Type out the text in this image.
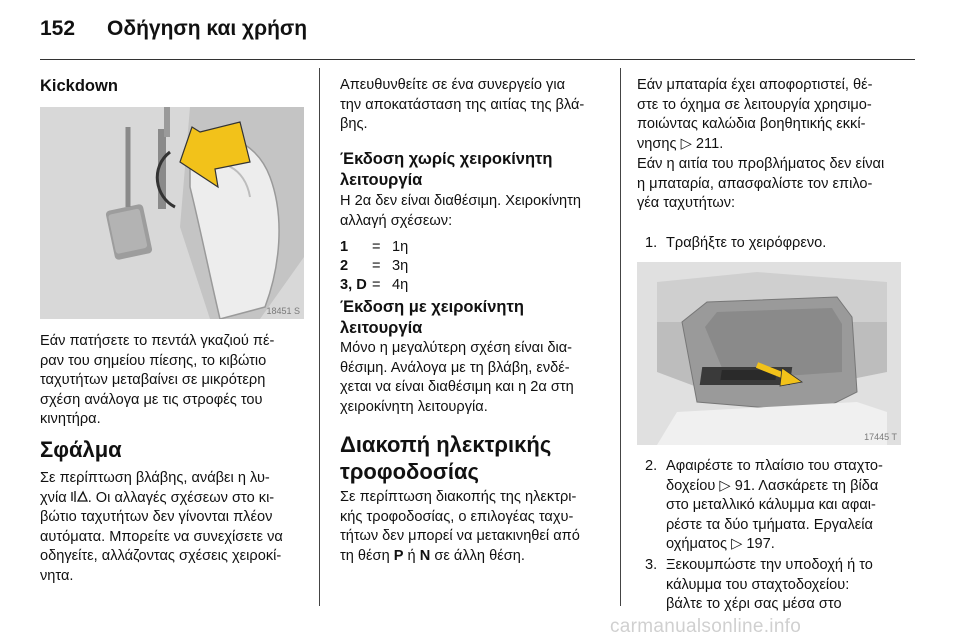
152 Οδήγηση και χρήση
Kickdown
18451 S

Εάν πατήσετε το πεντάλ γκαζιού πέ-

ραν του σημείου πίεσης, το κιβώτιο

ταχυτήτων μεταβαίνει σε μικρότερη

σχέση ανάλογα με τις στροφές του

κινητήρα.

Σφάλμα

Σε περίπτωση βλάβης, ανάβει η λυ-

χνία . Οι αλλαγές σχέσεων στο κι-

βώτιο ταχυτήτων δεν γίνονται πλέον

αυτόματα. Μπορείτε να συνεχίσετε να

οδηγείτε, αλλάζοντας σχέσεις χειροκί-

νητα.

Απευθυνθείτε σε ένα συνεργείο για

την αποκατάσταση της αιτίας της βλά-

βης.

Έκδοση χωρίς χειροκίνητη
λειτουργία

Η 2α δεν είναι διαθέσιμη. Χειροκίνητη

αλλαγή σχέσεων:

1	=	1η
2	=	3η
3, D	=	4η
Έκδοση με χειροκίνητη
λειτουργία

Μόνο η μεγαλύτερη σχέση είναι δια-

θέσιμη. Ανάλογα με τη βλάβη, ενδέ-

χεται να είναι διαθέσιμη και η 2α στη

χειροκίνητη λειτουργία.

Διακοπή ηλεκτρικής
τροφοδοσίας

Σε περίπτωση διακοπής της ηλεκτρι-

κής τροφοδοσίας, ο επιλογέας ταχυ-

τήτων δεν μπορεί να μετακινηθεί από

τη θέση P ή N σε άλλη θέση.

Εάν μπαταρία έχει αποφορτιστεί, θέ-

στε το όχημα σε λειτουργία χρησιμο-

ποιώντας καλώδια βοηθητικής εκκί-

νησης ▷ 211.

Εάν η αιτία του προβλήματος δεν είναι

η μπαταρία, απασφαλίστε τον επιλο-

γέα ταχυτήτων:

1. Τραβήξτε το χειρόφρενο.
17445 T
2. Αφαιρέστε το πλαίσιο του σταχτο-
δοχείου ▷ 91. Λασκάρετε τη βίδα
στο μεταλλικό κάλυμμα και αφαι-
ρέστε τα δύο τμήματα. Εργαλεία
οχήματος ▷ 197.
3. Ξεκουμπώστε την υποδοχή ή το
κάλυμμα του σταχτοδοχείου:
βάλτε το χέρι σας μέσα στο
carmanualsonline.info
